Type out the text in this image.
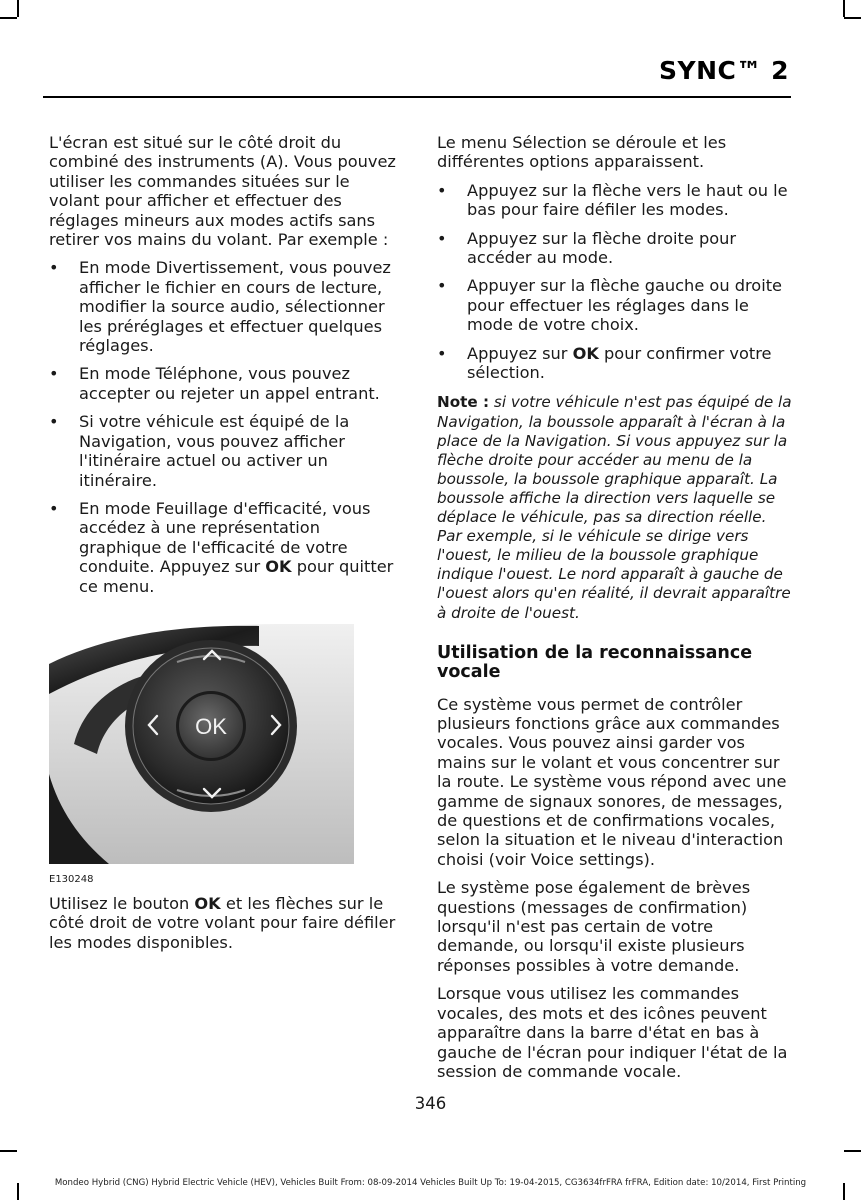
SYNC™ 2

L'écran est situé sur le côté droit du combiné des instruments (A). Vous pouvez utiliser les commandes situées sur le volant pour afficher et effectuer des réglages mineurs aux modes actifs sans retirer vos mains du volant. Par exemple :

• En mode Divertissement, vous pouvez afficher le fichier en cours de lecture, modifier la source audio, sélectionner les préréglages et effectuer quelques réglages.
• En mode Téléphone, vous pouvez accepter ou rejeter un appel entrant.
• Si votre véhicule est équipé de la Navigation, vous pouvez afficher l'itinéraire actuel ou activer un itinéraire.
• En mode Feuillage d'efficacité, vous accédez à une représentation graphique de l'efficacité de votre conduite. Appuyez sur OK pour quitter ce menu.
OK
E130248

Utilisez le bouton OK et les flèches sur le côté droit de votre volant pour faire défiler les modes disponibles.

Le menu Sélection se déroule et les différentes options apparaissent.

• Appuyez sur la flèche vers le haut ou le bas pour faire défiler les modes.
• Appuyez sur la flèche droite pour accéder au mode.
• Appuyer sur la flèche gauche ou droite pour effectuer les réglages dans le mode de votre choix.
• Appuyez sur OK pour confirmer votre sélection.

Note : si votre véhicule n'est pas équipé de la Navigation, la boussole apparaît à l'écran à la place de la Navigation. Si vous appuyez sur la flèche droite pour accéder au menu de la boussole, la boussole graphique apparaît. La boussole affiche la direction vers laquelle se déplace le véhicule, pas sa direction réelle. Par exemple, si le véhicule se dirige vers l'ouest, le milieu de la boussole graphique indique l'ouest. Le nord apparaît à gauche de l'ouest alors qu'en réalité, il devrait apparaître à droite de l'ouest.

Utilisation de la reconnaissance vocale

Ce système vous permet de contrôler plusieurs fonctions grâce aux commandes vocales. Vous pouvez ainsi garder vos mains sur le volant et vous concentrer sur la route. Le système vous répond avec une gamme de signaux sonores, de messages, de questions et de confirmations vocales, selon la situation et le niveau d'interaction choisi (voir Voice settings).

Le système pose également de brèves questions (messages de confirmation) lorsqu'il n'est pas certain de votre demande, ou lorsqu'il existe plusieurs réponses possibles à votre demande.

Lorsque vous utilisez les commandes vocales, des mots et des icônes peuvent apparaître dans la barre d'état en bas à gauche de l'écran pour indiquer l'état de la session de commande vocale.

346
Mondeo Hybrid (CNG) Hybrid Electric Vehicle (HEV), Vehicles Built From: 08-09-2014 Vehicles Built Up To: 19-04-2015, CG3634frFRA frFRA, Edition date: 10/2014, First Printing
